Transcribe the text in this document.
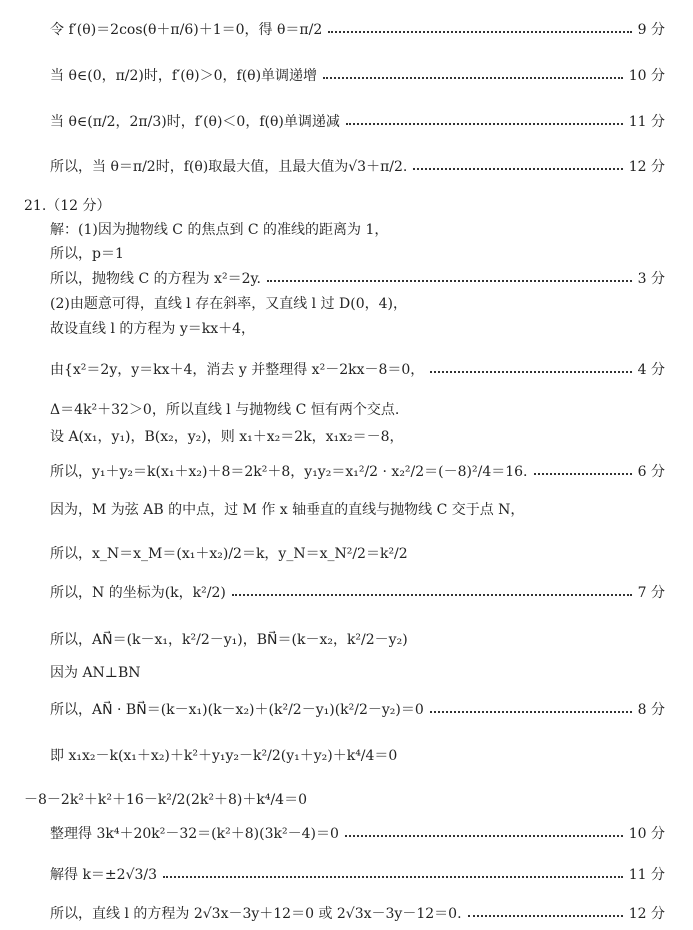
令 f′(θ)＝2cos(θ＋π/6)＋1＝0，得 θ＝π/2	9 分
当 θ∈(0，π/2)时，f′(θ)＞0，f(θ)单调递增	10 分
当 θ∈(π/2，2π/3)时，f′(θ)＜0，f(θ)单调递减	11 分
所以，当 θ＝π/2时，f(θ)取最大值，且最大值为√3＋π/2.	12 分
21.（12 分）
解：(1)因为抛物线 C 的焦点到 C 的准线的距离为 1，
所以，p＝1
所以，抛物线 C 的方程为 x²＝2y.	3 分
(2)由题意可得，直线 l 存在斜率，又直线 l 过 D(0，4)，
故设直线 l 的方程为 y＝kx＋4，
由{x²＝2y，y＝kx＋4，消去 y 并整理得 x²－2kx－8＝0，	4 分
Δ＝4k²＋32＞0，所以直线 l 与抛物线 C 恒有两个交点.
设 A(x₁，y₁)，B(x₂，y₂)，则 x₁＋x₂＝2k，x₁x₂＝－8，
所以，y₁＋y₂＝k(x₁＋x₂)＋8＝2k²＋8，y₁y₂＝x₁²/2 · x₂²/2＝(－8)²/4＝16.	6 分
因为，M 为弦 AB 的中点，过 M 作 x 轴垂直的直线与抛物线 C 交于点 N，
所以，x_N＝x_M＝(x₁＋x₂)/2＝k，y_N＝x_N²/2＝k²/2
所以，N 的坐标为(k，k²/2)	7 分
所以，AN⃗＝(k－x₁，k²/2－y₁)，BN⃗＝(k－x₂，k²/2－y₂)
因为 AN⊥BN
所以，AN⃗ · BN⃗＝(k－x₁)(k－x₂)＋(k²/2－y₁)(k²/2－y₂)＝0	8 分
即 x₁x₂－k(x₁＋x₂)＋k²＋y₁y₂－k²/2(y₁＋y₂)＋k⁴/4＝0
－8－2k²＋k²＋16－k²/2(2k²＋8)＋k⁴/4＝0
整理得 3k⁴＋20k²－32＝(k²＋8)(3k²－4)＝0	10 分
解得 k＝±2√3/3	11 分
所以，直线 l 的方程为 2√3x－3y＋12＝0 或 2√3x－3y－12＝0.	12 分
